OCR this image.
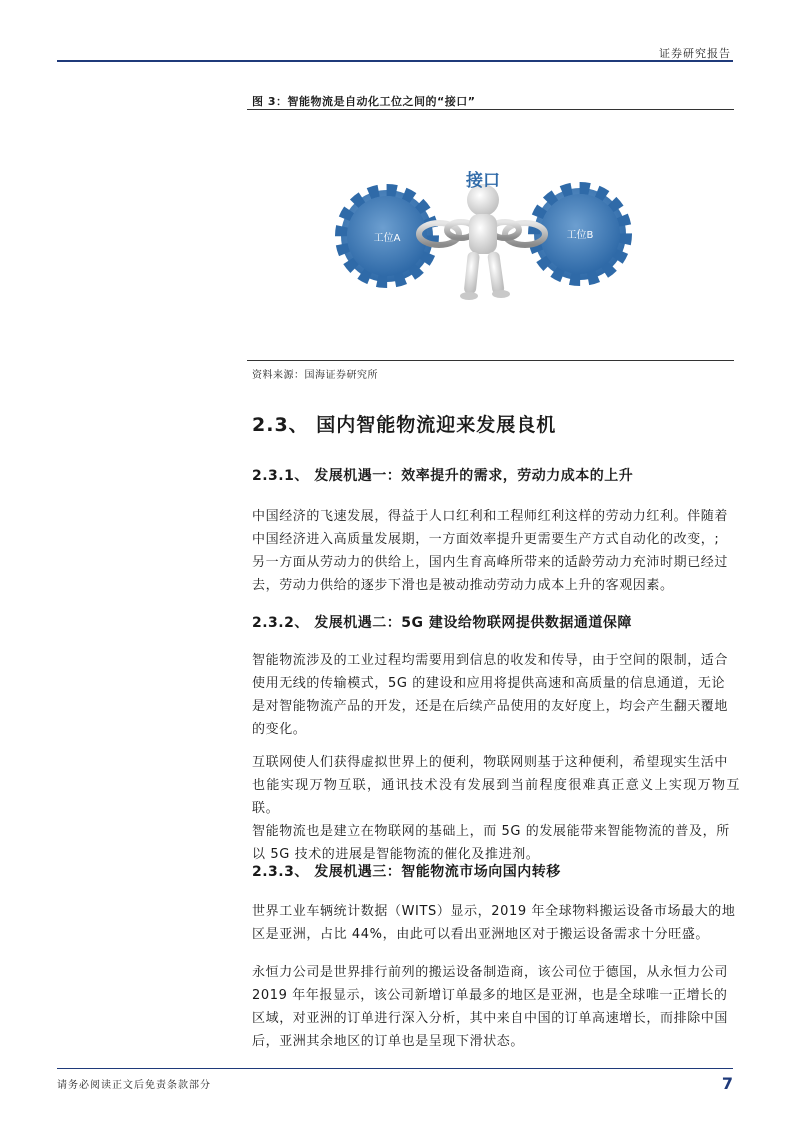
证券研究报告
图 3：智能物流是自动化工位之间的“接口”
接口
工位A	工位B
资料来源：国海证券研究所
2.3、 国内智能物流迎来发展良机
2.3.1、 发展机遇一：效率提升的需求，劳动力成本的上升
中国经济的飞速发展，得益于人口红利和工程师红利这样的劳动力红利。伴随着
中国经济进入高质量发展期，一方面效率提升更需要生产方式自动化的改变，;
另一方面从劳动力的供给上，国内生育高峰所带来的适龄劳动力充沛时期已经过
去，劳动力供给的逐步下滑也是被动推动劳动力成本上升的客观因素。
2.3.2、 发展机遇二：5G 建设给物联网提供数据通道保障
智能物流涉及的工业过程均需要用到信息的收发和传导，由于空间的限制，适合
使用无线的传输模式，5G 的建设和应用将提供高速和高质量的信息通道，无论
是对智能物流产品的开发，还是在后续产品使用的友好度上，均会产生翻天覆地
的变化。
互联网使人们获得虚拟世界上的便利，物联网则基于这种便利，希望现实生活中
也能实现万物互联，通讯技术没有发展到当前程度很难真正意义上实现万物互联。
智能物流也是建立在物联网的基础上，而 5G 的发展能带来智能物流的普及，所
以 5G 技术的进展是智能物流的催化及推进剂。
2.3.3、 发展机遇三：智能物流市场向国内转移
世界工业车辆统计数据（WITS）显示，2019 年全球物料搬运设备市场最大的地
区是亚洲，占比 44%，由此可以看出亚洲地区对于搬运设备需求十分旺盛。
永恒力公司是世界排行前列的搬运设备制造商，该公司位于德国，从永恒力公司
2019 年年报显示，该公司新增订单最多的地区是亚洲，也是全球唯一正增长的
区域，对亚洲的订单进行深入分析，其中来自中国的订单高速增长，而排除中国
后，亚洲其余地区的订单也是呈现下滑状态。
请务必阅读正文后免责条款部分	7
